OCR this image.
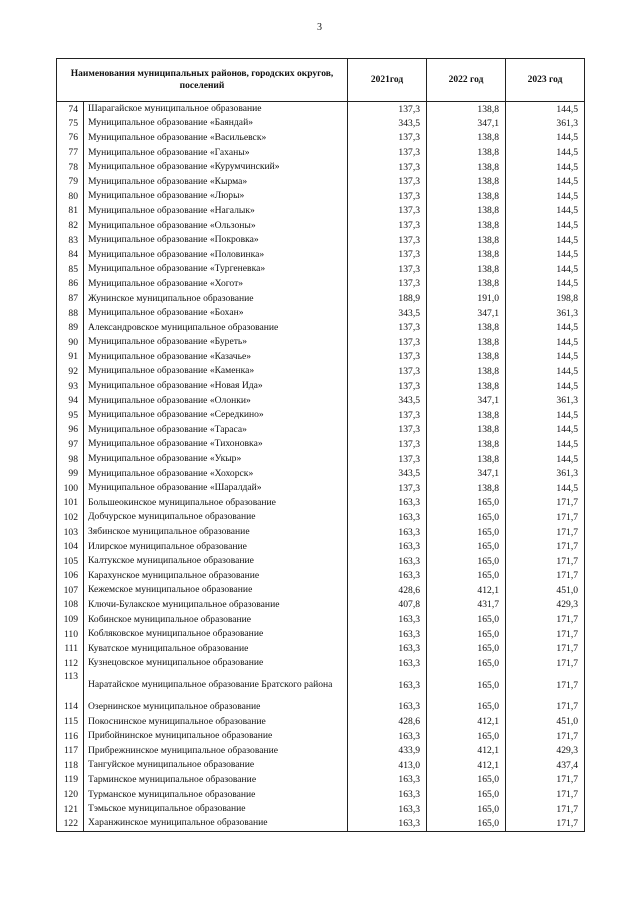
3
Наименования муниципальных районов, городских округов, поселений		2021год	2022 год	2023 год
74	Шарагайское муниципальное образование	137,3	138,8	144,5
75	Муниципальное образование «Баяндай»	343,5	347,1	361,3
76	Муниципальное образование «Васильевск»	137,3	138,8	144,5
77	Муниципальное образование «Гаханы»	137,3	138,8	144,5
78	Муниципальное образование «Курумчинский»	137,3	138,8	144,5
79	Муниципальное образование «Кырма»	137,3	138,8	144,5
80	Муниципальное образование «Люры»	137,3	138,8	144,5
81	Муниципальное образование «Нагалык»	137,3	138,8	144,5
82	Муниципальное образование «Ользоны»	137,3	138,8	144,5
83	Муниципальное образование «Покровка»	137,3	138,8	144,5
84	Муниципальное образование «Половинка»	137,3	138,8	144,5
85	Муниципальное образование «Тургеневка»	137,3	138,8	144,5
86	Муниципальное образование «Хогот»	137,3	138,8	144,5
87	Жунинское муниципальное образование	188,9	191,0	198,8
88	Муниципальное образование «Бохан»	343,5	347,1	361,3
89	Александровское муниципальное образование	137,3	138,8	144,5
90	Муниципальное образование «Буреть»	137,3	138,8	144,5
91	Муниципальное образование «Казачье»	137,3	138,8	144,5
92	Муниципальное образование «Каменка»	137,3	138,8	144,5
93	Муниципальное образование «Новая Ида»	137,3	138,8	144,5
94	Муниципальное образование «Олонки»	343,5	347,1	361,3
95	Муниципальное образование «Середкино»	137,3	138,8	144,5
96	Муниципальное образование «Тараса»	137,3	138,8	144,5
97	Муниципальное образование «Тихоновка»	137,3	138,8	144,5
98	Муниципальное образование «Укыр»	137,3	138,8	144,5
99	Муниципальное образование «Хохорск»	343,5	347,1	361,3
100	Муниципальное образование «Шаралдай»	137,3	138,8	144,5
101	Большеокинское муниципальное образование	163,3	165,0	171,7
102	Добчурское муниципальное образование	163,3	165,0	171,7
103	Зябинское муниципальное образование	163,3	165,0	171,7
104	Илирское муниципальное образование	163,3	165,0	171,7
105	Калтукское муниципальное образование	163,3	165,0	171,7
106	Карахунское муниципальное образование	163,3	165,0	171,7
107	Кежемское муниципальное образование	428,6	412,1	451,0
108	Ключи-Булакское муниципальное образование	407,8	431,7	429,3
109	Кобинское муниципальное образование	163,3	165,0	171,7
110	Кобляковское муниципальное образование	163,3	165,0	171,7
111	Куватское муниципальное образование	163,3	165,0	171,7
112	Кузнецовское муниципальное образование	163,3	165,0	171,7
113	Наратайское муниципальное образование Братского района	163,3	165,0	171,7
114	Озернинское муниципальное образование	163,3	165,0	171,7
115	Покоснинское муниципальное образование	428,6	412,1	451,0
116	Прибойнинское муниципальное образование	163,3	165,0	171,7
117	Прибрежнинское муниципальное образование	433,9	412,1	429,3
118	Тангуйское муниципальное образование	413,0	412,1	437,4
119	Тарминское муниципальное образование	163,3	165,0	171,7
120	Турманское муниципальное образование	163,3	165,0	171,7
121	Тэмьское муниципальное образование	163,3	165,0	171,7
122	Харанжинское муниципальное образование	163,3	165,0	171,7
